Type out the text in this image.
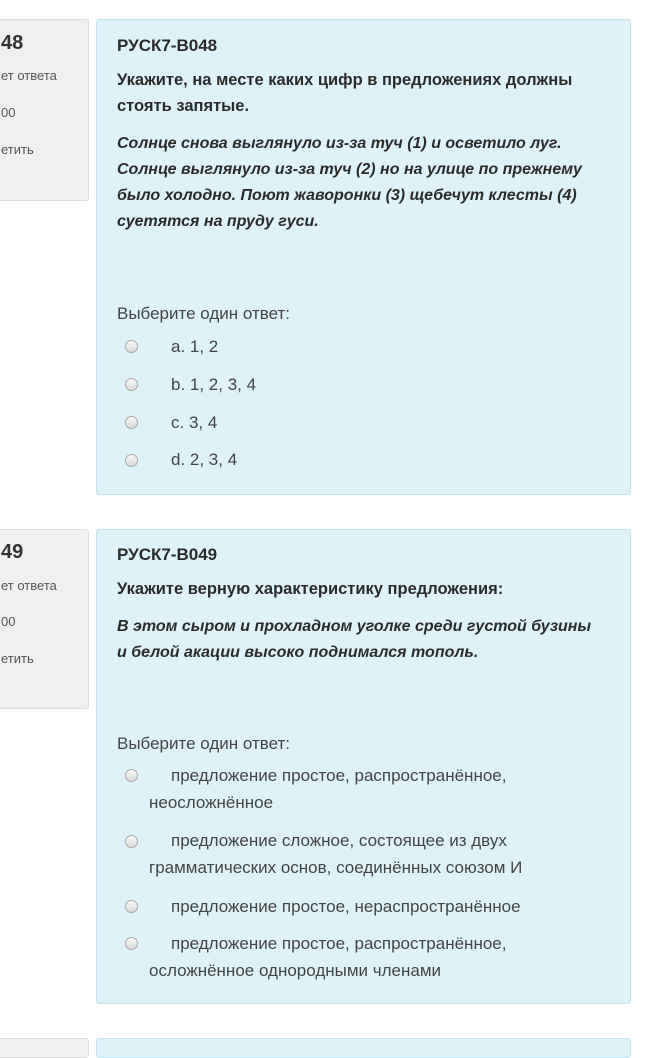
48
ет ответа
00
етить
РУСК7-В048

Укажите, на месте каких цифр в предложениях должны стоять запятые.

Солнце снова выглянуло из-за туч (1) и осветило луг. Солнце выглянуло из-за туч (2) но на улице по прежнему было холодно. Поют жаворонки (3) щебечут клесты (4) суетятся на пруду гуси.

Выберите один ответ:
a. 1, 2
b. 1, 2, 3, 4
c. 3, 4
d. 2, 3, 4
49
ет ответа
00
етить
РУСК7-В049

Укажите верную характеристику предложения:

В этом сыром и прохладном уголке среди густой бузины и белой акации высоко поднимался тополь.

Выберите один ответ:

предложение простое, распространённое, неосложнённое

предложение сложное, состоящее из двух грамматических основ, соединённых союзом И

предложение простое, нераспространённое

предложение простое, распространённое, осложнённое однородными членами
